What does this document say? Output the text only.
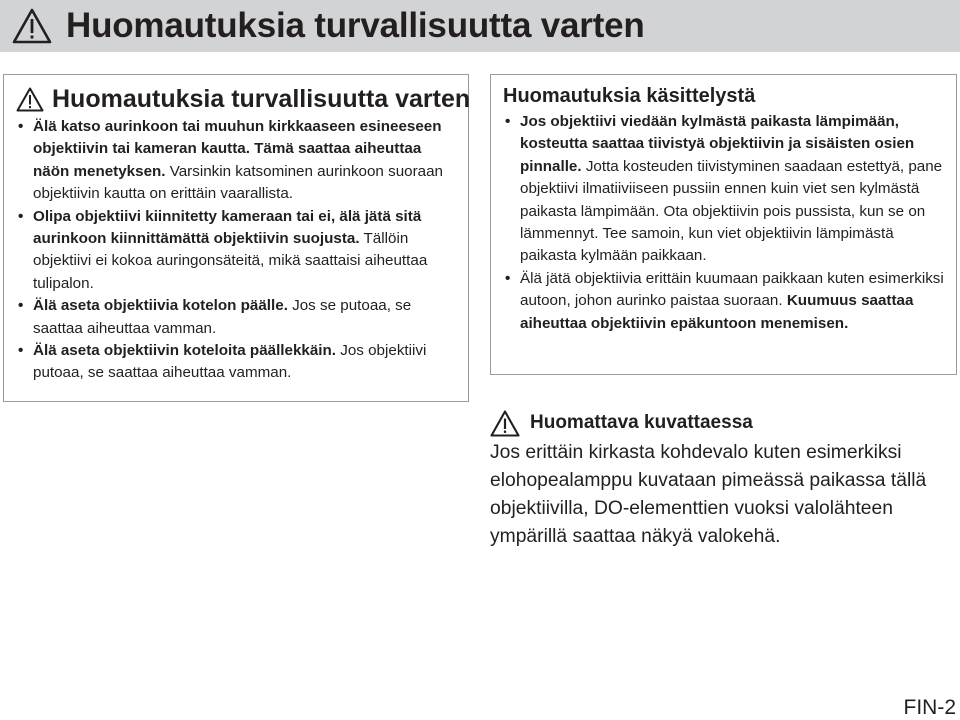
Huomautuksia turvallisuutta varten
Huomautuksia turvallisuutta varten
• Älä katso aurinkoon tai muuhun kirkkaaseen esineeseen objektiivin tai kameran kautta. Tämä saattaa aiheuttaa näön menetyksen. Varsinkin katsominen aurinkoon suoraan objektiivin kautta on erittäin vaarallista.
• Olipa objektiivi kiinnitetty kameraan tai ei, älä jätä sitä aurinkoon kiinnittämättä objektiivin suojusta. Tällöin objektiivi ei kokoa auringonsäteitä, mikä saattaisi aiheuttaa tulipalon.
• Älä aseta objektiivia kotelon päälle. Jos se putoaa, se saattaa aiheuttaa vamman.
• Älä aseta objektiivin koteloita päällekkäin. Jos objektiivi putoaa, se saattaa aiheuttaa vamman.
Huomautuksia käsittelystä
• Jos objektiivi viedään kylmästä paikasta lämpimään, kosteutta saattaa tiivistyä objektiivin ja sisäisten osien pinnalle. Jotta kosteuden tiivistyminen saadaan estettyä, pane objektiivi ilmatiiviiseen pussiin ennen kuin viet sen kylmästä paikasta lämpimään. Ota objektiivin pois pussista, kun se on lämmennyt. Tee samoin, kun viet objektiivin lämpimästä paikasta kylmään paikkaan.
• Älä jätä objektiivia erittäin kuumaan paikkaan kuten esimerkiksi autoon, johon aurinko paistaa suoraan. Kuumuus saattaa aiheuttaa objektiivin epäkuntoon menemisen.
Huomattava kuvattaessa

Jos erittäin kirkasta kohdevalo kuten esimerkiksi elohopealamppu kuvataan pimeässä paikassa tällä objektiivilla, DO-elementtien vuoksi valolähteen ympärillä saattaa näkyä valokehä.

FIN-2
